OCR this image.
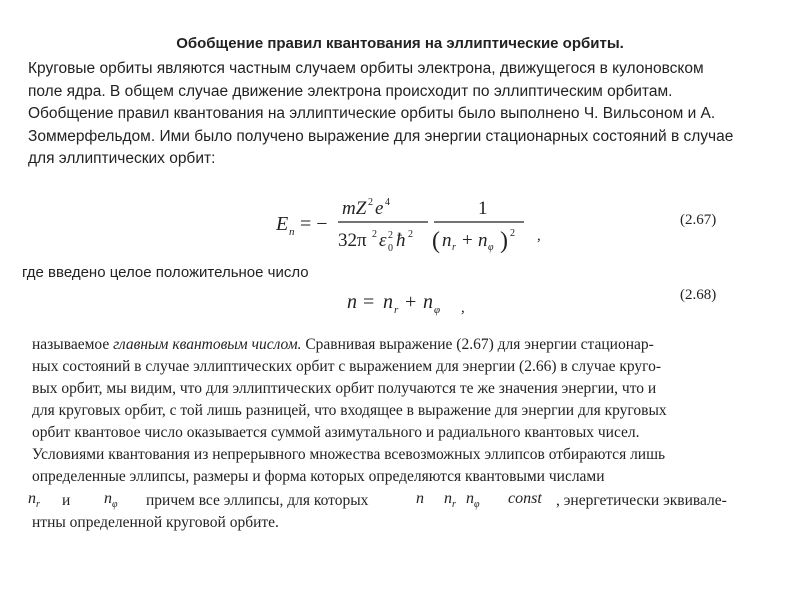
Обобщение правил квантования на эллиптические орбиты.

Круговые орбиты являются частным случаем орбиты электрона, движущегося в кулоновском

поле ядра. В общем случае движение электрона происходит по эллиптическим орбитам.

Обобщение правил квантования на эллиптические орбиты было выполнено Ч. Вильсоном и А.

Зоммерфельдом. Ими было получено выражение для энергии стационарных состояний в случае

для эллиптических орбит:

E n = −
mZ 2 e 4
32π 2 ε 0
2 ħ 2
1
( n r + n φ ) 2 ,
(2.67)
где введено целое положительное число
n = n r + n φ ,
(2.68)

называемое главным квантовым числом. Сравнивая выражение (2.67) для энергии стационар-

ных состояний в случае эллиптических орбит с выражением для энергии (2.66) в случае круго-

вых орбит, мы видим, что для эллиптических орбит получаются те же значения энергии, что и

для круговых орбит, с той лишь разницей, что входящее в выражение для энергии для круговых

орбит квантовое число оказывается суммой азимутального и радиального квантовых чисел.

Условиями квантования из непрерывного множества всевозможных эллипсов отбираются лишь

определенные эллипсы, размеры и форма которых определяются квантовыми числами

$n_r$ и $n_\varphi$ причем все эллипсы, для которых	n $n_r$ $n_\varphi$ const , энергетически эквивале-
нтны определенной круговой орбите.
